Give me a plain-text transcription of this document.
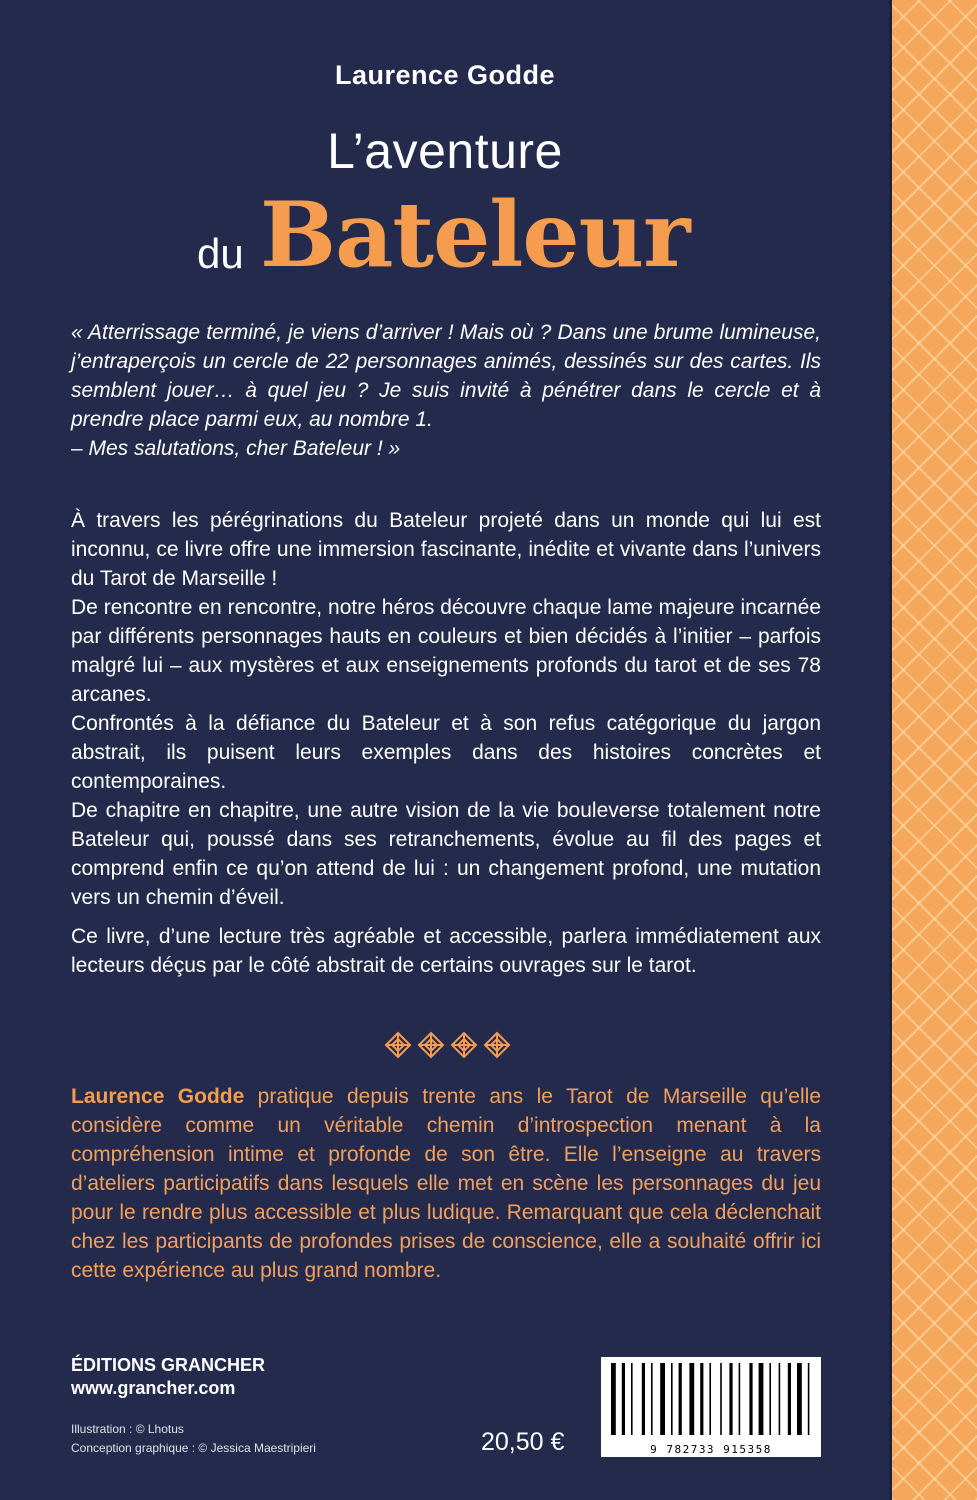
Laurence Godde
L’aventure
du Bateleur

« Atterrissage terminé, je viens d’arriver ! Mais où ? Dans une brume lumineuse, j’entraperçois un cercle de 22 personnages animés, dessinés sur des cartes. Ils semblent jouer… à quel jeu ? Je suis invité à pénétrer dans le cercle et à prendre place parmi eux, au nombre 1.

– Mes salutations, cher Bateleur ! »

À travers les pérégrinations du Bateleur projeté dans un monde qui lui est inconnu, ce livre offre une immersion fascinante, inédite et vivante dans l’univers du Tarot de Marseille !

De rencontre en rencontre, notre héros découvre chaque lame majeure incarnée par différents personnages hauts en couleurs et bien décidés à l’initier – parfois malgré lui – aux mystères et aux enseignements profonds du tarot et de ses 78 arcanes.

Confrontés à la défiance du Bateleur et à son refus catégorique du jargon abstrait, ils puisent leurs exemples dans des histoires concrètes et contemporaines.

De chapitre en chapitre, une autre vision de la vie bouleverse totalement notre Bateleur qui, poussé dans ses retranchements, évolue au fil des pages et comprend enfin ce qu’on attend de lui : un changement profond, une mutation vers un chemin d’éveil.

Ce livre, d’une lecture très agréable et accessible, parlera immédiatement aux lecteurs déçus par le côté abstrait de certains ouvrages sur le tarot.

Laurence Godde pratique depuis trente ans le Tarot de Marseille qu’elle considère comme un véritable chemin d’introspection menant à la compréhension intime et profonde de son être. Elle l’enseigne au travers d’ateliers participatifs dans lesquels elle met en scène les personnages du jeu pour le rendre plus accessible et plus ludique. Remarquant que cela déclenchait chez les participants de profondes prises de conscience, elle a souhaité offrir ici cette expérience au plus grand nombre.

ÉDITIONS GRANCHER
www.grancher.com
Illustration : © Lhotus
Conception graphique : © Jessica Maestripieri	20,50 €	9 782733 915358
